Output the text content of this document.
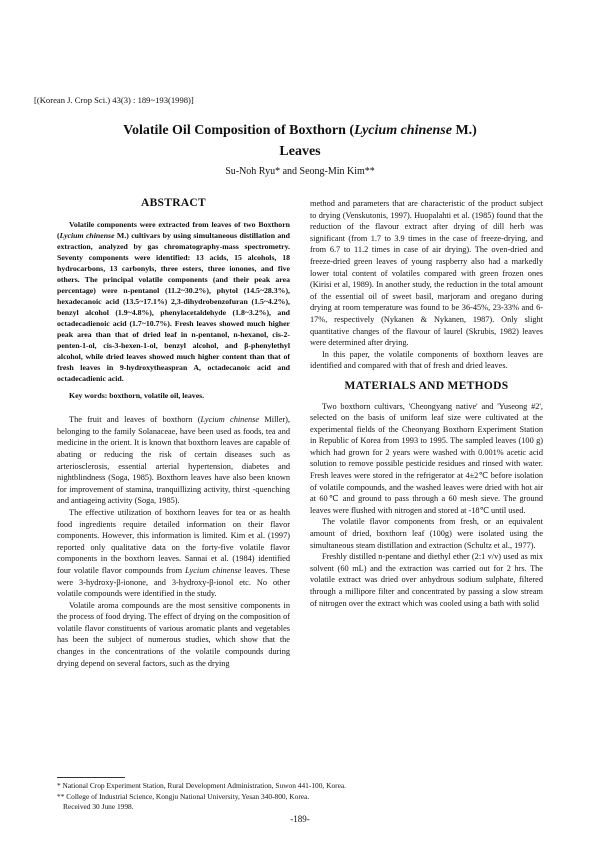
[(Korean J. Crop Sci.) 43(3) : 189~193(1998)]
Volatile Oil Composition of Boxthorn (Lycium chinense M.)
Leaves
Su-Noh Ryu* and Seong-Min Kim**
ABSTRACT

Volatile components were extracted from leaves of two Boxthorn (Lycium chinense M.) cultivars by using simultaneous distillation and extraction, analyzed by gas chromatography-mass spectrometry. Seventy components were identified: 13 acids, 15 alcohols, 18 hydrocarbons, 13 carbonyls, three esters, three ionones, and five others. The principal volatile components (and their peak area percentage) were n-pentanol (11.2~30.2%), phytol (14.5~28.3%), hexadecanoic acid (13.5~17.1%) 2,3-dihydrobenzofuran (1.5~4.2%), benzyl alcohol (1.9~4.8%), phenylacetaldehyde (1.8~3.2%), and octadecadienoic acid (1.7~10.7%). Fresh leaves showed much higher peak area than that of dried leaf in n-pentanol, n-hexanol, cis-2-penten-1-ol, cis-3-hexen-1-ol, benzyl alcohol, and β-phenylethyl alcohol, while dried leaves showed much higher content than that of fresh leaves in 9-hydroxytheaspran A, octadecanoic acid and octadecadienic acid.

Key words: boxthorn, volatile oil, leaves.

The fruit and leaves of boxthorn (Lycium chinense Miller), belonging to the family Solanaceae, have been used as foods, tea and medicine in the orient. It is known that boxthorn leaves are capable of abating or reducing the risk of certain diseases such as arteriosclerosis, essential arterial hypertension, diabetes and nightblindness (Soga, 1985). Boxthorn leaves have also been known for improvement of stamina, tranquillizing activity, thirst -quenching and antiageing activity (Soga, 1985).

The effective utilization of boxthorn leaves for tea or as health food ingredients require detailed information on their flavor components. However, this information is limited. Kim et al. (1997) reported only qualitative data on the forty-five volatile flavor components in the boxthorn leaves. Sannai et al. (1984) identified four volatile flavor compounds from Lycium chinense leaves. These were 3-hydroxy-β-ionone, and 3-hydroxy-β-ionol etc. No other volatile compounds were identified in the study.

Volatile aroma compounds are the most sensitive components in the process of food drying. The effect of drying on the composition of volatile flavor constituents of various aromatic plants and vegetables has been the subject of numerous studies, which show that the changes in the concentrations of the volatile compounds during drying depend on several factors, such as the drying

method and parameters that are characteristic of the product subject to drying (Venskutonis, 1997). Huopalahti et al. (1985) found that the reduction of the flavour extract after drying of dill herb was significant (from 1.7 to 3.9 times in the case of freeze-drying, and from 6.7 to 11.2 times in case of air drying). The oven-dried and freeze-dried green leaves of young raspberry also had a markedly lower total content of volatiles compared with green frozen ones (Kirisi et al, 1989). In another study, the reduction in the total amount of the essential oil of sweet basil, marjoram and oregano during drying at room temperature was found to be 36-45%, 23-33% and 6-17%, respectively (Nykanen & Nykanen, 1987). Only slight quantitative changes of the flavour of laurel (Skrubis, 1982) leaves were determined after drying.

In this paper, the volatile components of boxthorn leaves are identified and compared with that of fresh and dried leaves.

MATERIALS AND METHODS

Two boxthorn cultivars, 'Cheongyang native' and 'Yuseong #2', selected on the basis of uniform leaf size were cultivated at the experimental fields of the Cheonyang Boxthorn Experiment Station in Republic of Korea from 1993 to 1995. The sampled leaves (100 g) which had grown for 2 years were washed with 0.001% acetic acid solution to remove possible pesticide residues and rinsed with water. Fresh leaves were stored in the refrigerator at 4±2℃ before isolation of volatile compounds, and the washed leaves were dried with hot air at 60℃ and ground to pass through a 60 mesh sieve. The ground leaves were flushed with nitrogen and stored at -18℃ until used.

The volatile flavor components from fresh, or an equivalent amount of dried, boxthorn leaf (100g) were isolated using the simultaneous steam distillation and extraction (Schultz et al., 1977).

Freshly distilled n-pentane and diethyl ether (2:1 v/v) used as mix solvent (60 mL) and the extraction was carried out for 2 hrs. The volatile extract was dried over anhydrous sodium sulphate, filtered through a millipore filter and concentrated by passing a slow stream of nitrogen over the extract which was cooled using a bath with solid

* National Crop Experiment Station, Rural Development Administration, Suwon 441-100, Korea.
** College of Industrial Science, Kongju National University, Yesan 340-800, Korea.
Received 30 June 1998.
-189-
